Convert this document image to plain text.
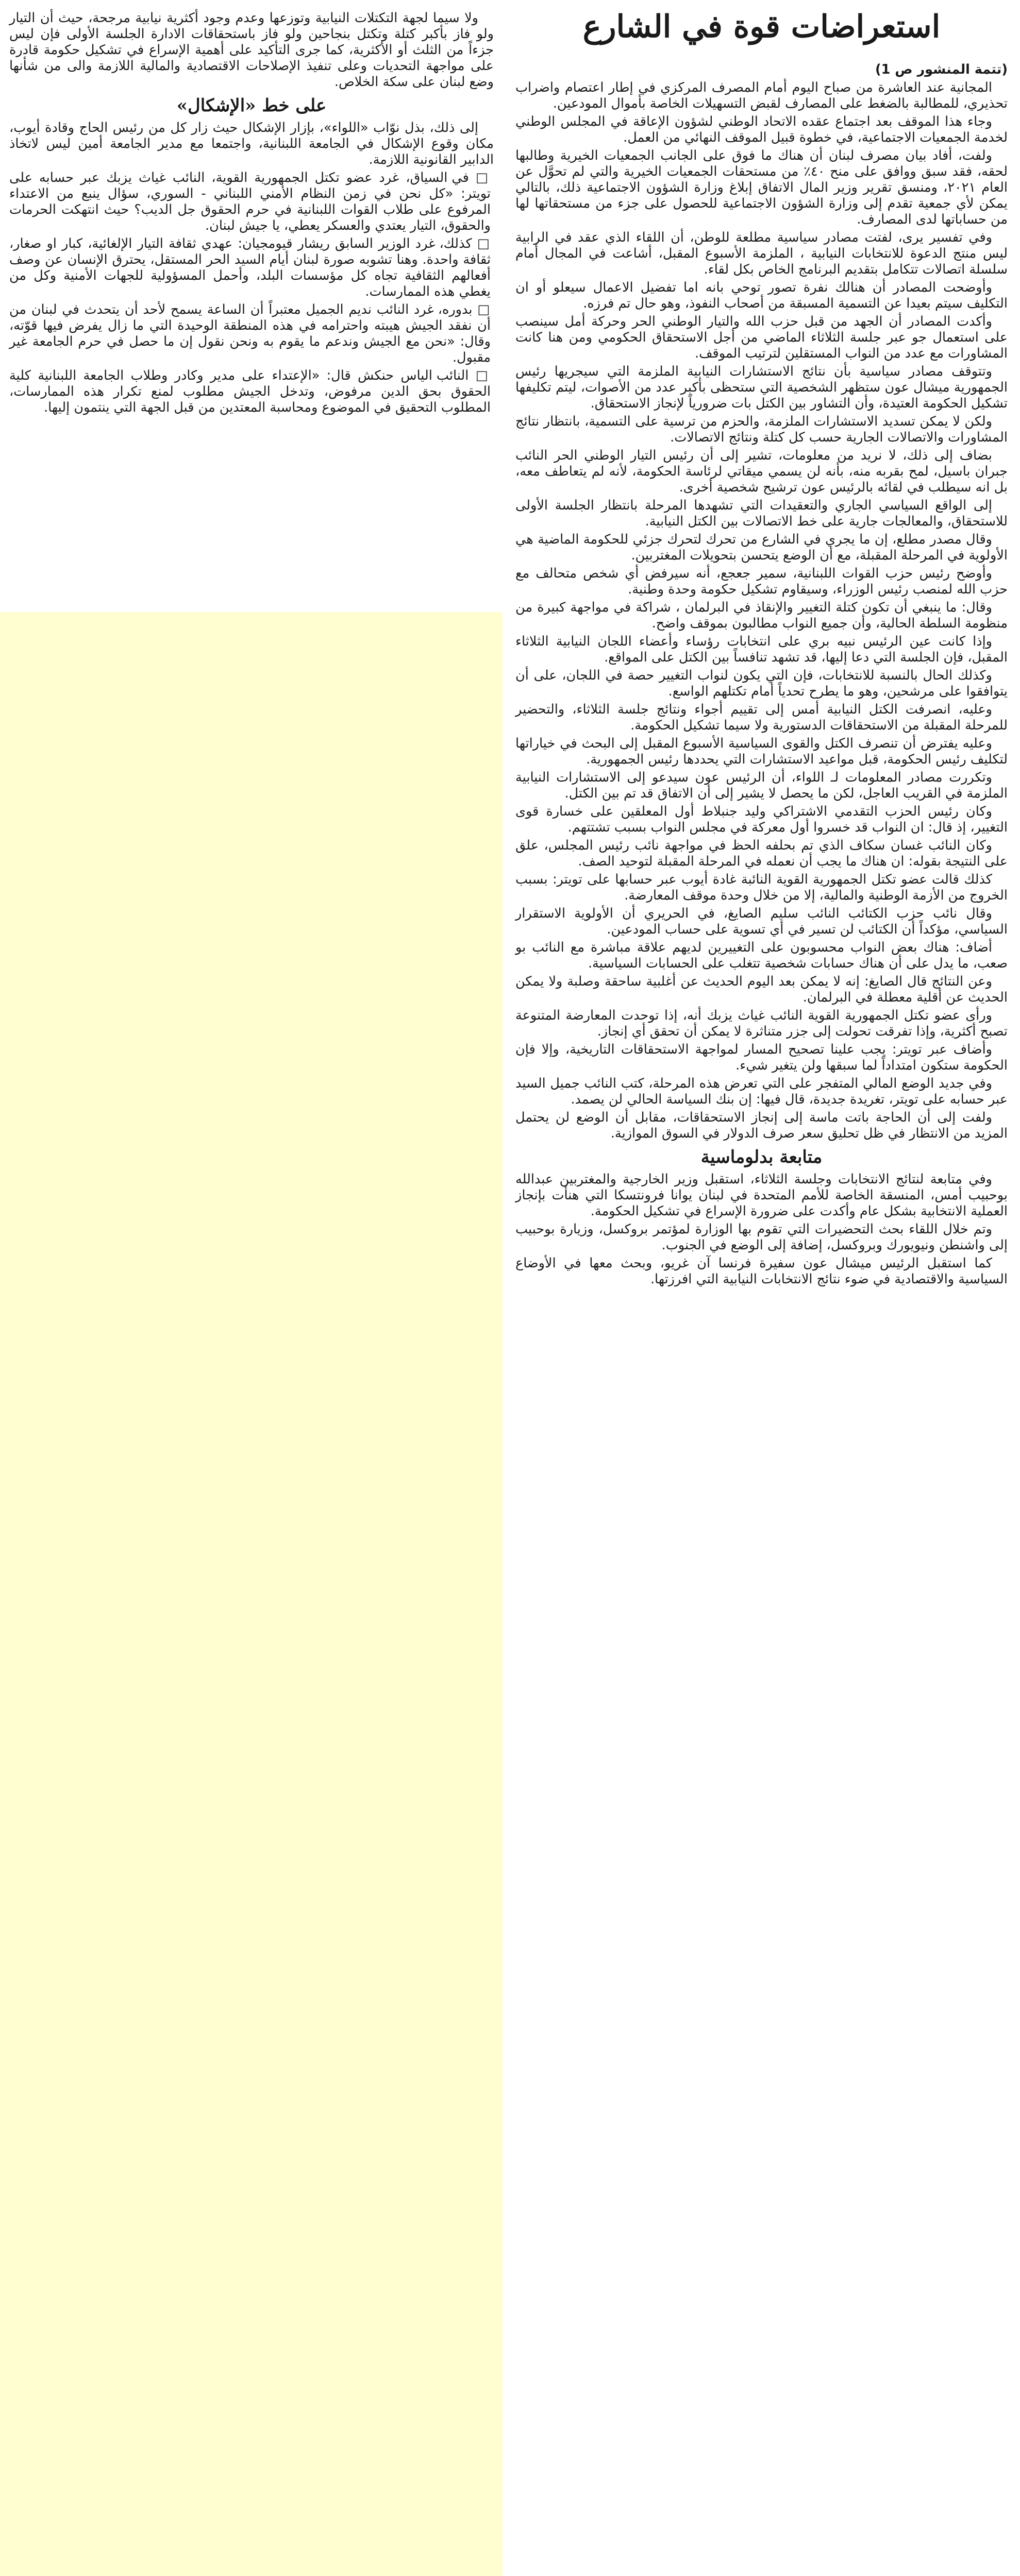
ولا سيما لجهة التكتلات النيابية وتوزعها وعدم وجود أكثرية نيابية مرجحة، حيث أن التيار ولو فاز بأكبر كتلة وتكتل بنجاحين ولو فاز باستحقاقات الادارة الجلسة الأولى فإن ليس جزءاً من الثلث أو الأكثرية، كما جرى التأكيد على أهمية الإسراع في تشكيل حكومة قادرة على مواجهة التحديات وعلى تنفيذ الإصلاحات الاقتصادية والمالية اللازمة والى من شأنها وضع لبنان على سكة الخلاص.

على خط «الإشكال»

إلى ذلك، بذل نوّاب «اللواء»، بإزار الإشكال حيث زار كل من رئيس الحاج وقادة أيوب، مكان وقوع الإشكال في الجامعة اللبنانية، واجتمعا مع مدير الجامعة أمين ليس لاتخاذ الدابير القانونية اللازمة.

□ في السياق، غرد عضو تكتل الجمهورية القوية، النائب غياث يزبك عبر حسابه على تويتر: «كل نحن في زمن النظام الأمني اللبناني - السوري، سؤال ينبع من الاعتداء المرفوع على طلاب القوات اللبنانية في حرم الحقوق جل الديب؟ حيث انتهكت الحرمات والحقوق، التيار يعتدي والعسكر يعطي، يا جيش لبنان.

□ كذلك، غرد الوزير السابق ريشار قيومجيان: عهدي ثقافة التيار الإلغائية، كبار او صغار، ثقافة واحدة. وهنا تشوبه صورة لبنان أيام السيد الحر المستقل، يحترق الإنسان عن وصف أفعالهم الثقافية تجاه كل مؤسسات البلد، وأحمل المسؤولية للجهات الأمنية وكل من يغطي هذه الممارسات.

□ بدوره، غرد النائب نديم الجميل معتبراً أن الساعة يسمح لأحد أن يتحدث في لبنان من أن نفقد الجيش هيبته واحترامه في هذه المنطقة الوحيدة التي ما زال يفرض فيها قوّته، وقال: «نحن مع الجيش وندعم ما يقوم به ونحن نقول إن ما حصل في حرم الجامعة غير مقبول.

□ النائب الياس حنكش قال: «الإعتداء على مدير وكادر وطلاب الجامعة اللبنانية كلية الحقوق بحق الدين مرفوض، وتدخل الجيش مطلوب لمنع تكرار هذه الممارسات، المطلوب التحقيق في الموضوع ومحاسبة المعتدين من قبل الجهة التي ينتمون إليها.

استعراضات قوة في الشارع

(تتمة المنشور ص 1)

المجانية عند العاشرة من صباح اليوم أمام المصرف المركزي في إطار اعتصام واضراب تحذيري، للمطالبة بالضغط على المصارف لقبض التسهيلات الخاصة بأموال المودعين.

وجاء هذا الموقف بعد اجتماع عقده الاتحاد الوطني لشؤون الإعاقة في المجلس الوطني لخدمة الجمعيات الاجتماعية، في خطوة قبيل الموقف النهائي من العمل.

ولفت، أفاد بيان مصرف لبنان أن هناك ما فوق على الجانب الجمعيات الخيرية وطالبها لحقه، فقد سبق ووافق على منح ٤٠٪ من مستحقات الجمعيات الخيرية والتي لم تحوَّل عن العام ٢٠٢١، ومنسق تقرير وزير المال الاتفاق إبلاغ وزارة الشؤون الاجتماعية ذلك، بالتالي يمكن لأي جمعية تقدم إلى وزارة الشؤون الاجتماعية للحصول على جزء من مستحقاتها لها من حساباتها لدى المصارف.

وفي تفسير يرى، لفتت مصادر سياسية مطلعة للوطن، أن اللقاء الذي عقد في الرابية ليس منتج الدعوة للانتخابات النيابية ، الملزمة الأسبوع المقبل، أشاعت في المجال أمام سلسلة اتصالات تتكامل بتقديم البرنامج الخاص بكل لقاء.

وأوضحت المصادر أن هنالك نفرة تصور توحي بانه اما تفضيل الاعمال سيعلو أو ان التكليف سيتم بعيدا عن التسمية المسبقة من أصحاب النفوذ، وهو حال تم فرزه.

وأكدت المصادر أن الجهد من قبل حزب الله والتيار الوطني الحر وحركة أمل سينصب على استعمال جو عبر جلسة الثلاثاء الماضي من أجل الاستحقاق الحكومي ومن هنا كانت المشاورات مع عدد من النواب المستقلين لترتيب الموقف.

وتتوقف مصادر سياسية بأن نتائج الاستشارات النيابية الملزمة التي سيجريها رئيس الجمهورية ميشال عون ستظهر الشخصية التي ستحظى بأكبر عدد من الأصوات، ليتم تكليفها تشكيل الحكومة العتيدة، وأن التشاور بين الكتل بات ضرورياً لإنجاز الاستحقاق.

ولكن لا يمكن تسديد الاستشارات الملزمة، والحزم من ترسية على التسمية، بانتظار نتائج المشاورات والاتصالات الجارية حسب كل كتلة ونتائج الاتصالات.

بضاف إلى ذلك، لا نريد من معلومات، تشير إلى أن رئيس التيار الوطني الحر النائب جبران باسيل، لمح بقربه منه، بأنه لن يسمي ميقاتي لرئاسة الحكومة، لأنه لم يتعاطف معه، بل انه سيطلب في لقائه بالرئيس عون ترشيح شخصية أخرى.

إلى الواقع السياسي الجاري والتعقيدات التي تشهدها المرحلة بانتظار الجلسة الأولى للاستحقاق، والمعالجات جارية على خط الاتصالات بين الكتل النيابية.

وقال مصدر مطلع، إن ما يجري في الشارع من تحرك لتحرك جزئي للحكومة الماضية هي الأولوية في المرحلة المقبلة، مع أن الوضع يتحسن بتحويلات المغتربين.

وأوضح رئيس حزب القوات اللبنانية، سمير جعجع، أنه سيرفض أي شخص متحالف مع حزب الله لمنصب رئيس الوزراء، وسيقاوم تشكيل حكومة وحدة وطنية.

وقال: ما ينبغي أن تكون كتلة التغيير والإنقاذ في البرلمان ، شراكة في مواجهة كبيرة من منظومة السلطة الحالية، وأن جميع النواب مطالبون بموقف واضح.

وإذا كانت عين الرئيس نبيه بري على انتخابات رؤساء وأعضاء اللجان النيابية الثلاثاء المقبل، فإن الجلسة التي دعا إليها، قد تشهد تنافساً بين الكتل على المواقع.

وكذلك الحال بالنسبة للانتخابات، فإن التي يكون لنواب التغيير حصة في اللجان، على أن يتوافقوا على مرشحين، وهو ما يطرح تحدياً أمام تكتلهم الواسع.

وعليه، انصرفت الكتل النيابية أمس إلى تقييم أجواء ونتائج جلسة الثلاثاء، والتحضير للمرحلة المقبلة من الاستحقاقات الدستورية ولا سيما تشكيل الحكومة.

وعليه يفترض أن تنصرف الكتل والقوى السياسية الأسبوع المقبل إلى البحث في خياراتها لتكليف رئيس الحكومة، قبل مواعيد الاستشارات التي يحددها رئيس الجمهورية.

وتكررت مصادر المعلومات لـ اللواء، أن الرئيس عون سيدعو إلى الاستشارات النيابية الملزمة في القريب العاجل، لكن ما يحصل لا يشير إلى أن الاتفاق قد تم بين الكتل.

وكان رئيس الحزب التقدمي الاشتراكي وليد جنبلاط أول المعلقين على خسارة قوى التغيير، إذ قال: ان النواب قد خسروا أول معركة في مجلس النواب بسبب تشتتهم.

وكان النائب غسان سكاف الذي تم بحلفه الحظ في مواجهة نائب رئيس المجلس، علق على النتيجة بقوله: ان هناك ما يجب أن نعمله في المرحلة المقبلة لتوحيد الصف.

كذلك قالت عضو تكتل الجمهورية القوية النائبة غادة أيوب عبر حسابها على تويتر: بسبب الخروج من الأزمة الوطنية والمالية، إلا من خلال وحدة موقف المعارضة.

وقال نائب حزب الكتائب النائب سليم الصايغ، في الحريري أن الأولوية الاستقرار السياسي، مؤكداً أن الكتائب لن تسير في أي تسوية على حساب المودعين.

أضاف: هناك بعض النواب محسوبون على التغييرين لديهم علاقة مباشرة مع النائب بو صعب، ما يدل على أن هناك حسابات شخصية تتغلب على الحسابات السياسية.

وعن النتائج قال الصايغ: إنه لا يمكن بعد اليوم الحديث عن أغلبية ساحقة وصلبة ولا يمكن الحديث عن أقلية معطلة في البرلمان.

ورأى عضو تكتل الجمهورية القوية النائب غياث يزبك أنه، إذا توحدت المعارضة المتنوعة تصبح أكثرية، وإذا تفرقت تحولت إلى جزر متناثرة لا يمكن أن تحقق أي إنجاز.

وأضاف عبر تويتر: يجب علينا تصحيح المسار لمواجهة الاستحقاقات التاريخية، وإلا فإن الحكومة ستكون امتداداً لما سبقها ولن يتغير شيء.

وفي جديد الوضع المالي المتفجر على التي تعرض هذه المرحلة، كتب النائب جميل السيد عبر حسابه على تويتر، تغريدة جديدة، قال فيها: إن بنك السياسة الحالي لن يصمد.

ولفت إلى أن الحاجة باتت ماسة إلى إنجاز الاستحقاقات، مقابل أن الوضع لن يحتمل المزيد من الانتظار في ظل تحليق سعر صرف الدولار في السوق الموازية.

متابعة بدلوماسية

وفي متابعة لنتائج الانتخابات وجلسة الثلاثاء، استقبل وزير الخارجية والمغتربين عبدالله بوحبيب أمس، المنسقة الخاصة للأمم المتحدة في لبنان يوانا فرونتسكا التي هنأت بإنجاز العملية الانتخابية بشكل عام وأكدت على ضرورة الإسراع في تشكيل الحكومة.

وتم خلال اللقاء بحث التحضيرات التي تقوم بها الوزارة لمؤتمر بروكسل، وزيارة بوحبيب إلى واشنطن ونيويورك وبروكسل، إضافة إلى الوضع في الجنوب.

كما استقبل الرئيس ميشال عون سفيرة فرنسا آن غريو، وبحث معها في الأوضاع السياسية والاقتصادية في ضوء نتائج الانتخابات النيابية التي افرزتها.
